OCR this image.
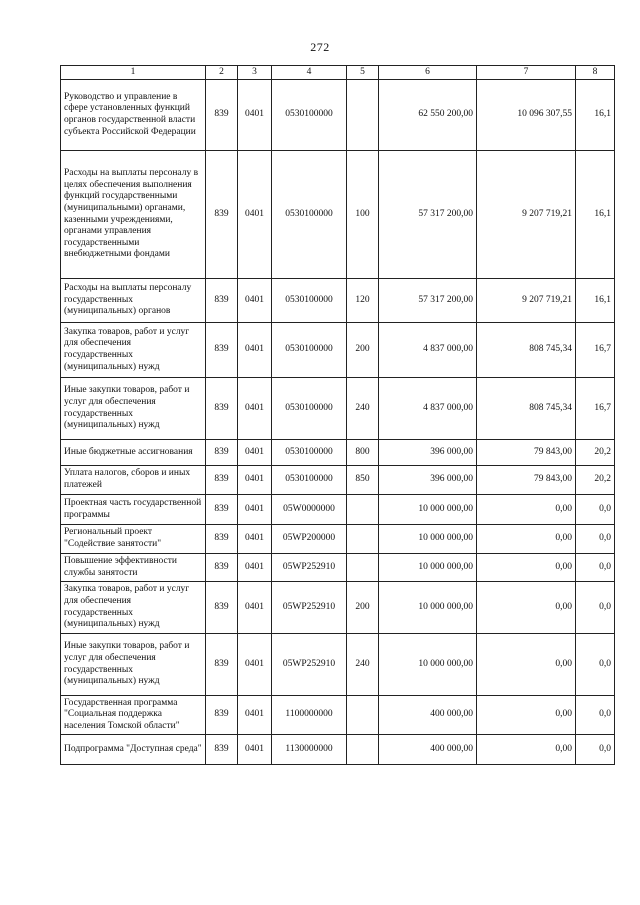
272
1	2	3	4	5	6	7	8
Руководство и управление в сфере установленных функций органов государственной власти субъекта Российской Федерации	839	0401	0530100000		62 550 200,00	10 096 307,55	16,1
Расходы на выплаты персоналу в целях обеспечения выполнения функций государственными (муниципальными) органами, казенными учреждениями, органами управления государственными внебюджетными фондами	839	0401	0530100000	100	57 317 200,00	9 207 719,21	16,1
Расходы на выплаты персоналу государственных (муниципальных) органов	839	0401	0530100000	120	57 317 200,00	9 207 719,21	16,1
Закупка товаров, работ и услуг для обеспечения государственных (муниципальных) нужд	839	0401	0530100000	200	4 837 000,00	808 745,34	16,7
Иные закупки товаров, работ и услуг для обеспечения государственных (муниципальных) нужд	839	0401	0530100000	240	4 837 000,00	808 745,34	16,7
Иные бюджетные ассигнования	839	0401	0530100000	800	396 000,00	79 843,00	20,2
Уплата налогов, сборов и иных платежей	839	0401	0530100000	850	396 000,00	79 843,00	20,2
Проектная часть государственной программы	839	0401	05W0000000		10 000 000,00	0,00	0,0
Региональный проект "Содействие занятости"	839	0401	05WP200000		10 000 000,00	0,00	0,0
Повышение эффективности службы занятости	839	0401	05WP252910		10 000 000,00	0,00	0,0
Закупка товаров, работ и услуг для обеспечения государственных (муниципальных) нужд	839	0401	05WP252910	200	10 000 000,00	0,00	0,0
Иные закупки товаров, работ и услуг для обеспечения государственных (муниципальных) нужд	839	0401	05WP252910	240	10 000 000,00	0,00	0,0
Государственная программа "Социальная поддержка населения Томской области"	839	0401	1100000000		400 000,00	0,00	0,0
Подпрограмма "Доступная среда"	839	0401	1130000000		400 000,00	0,00	0,0
